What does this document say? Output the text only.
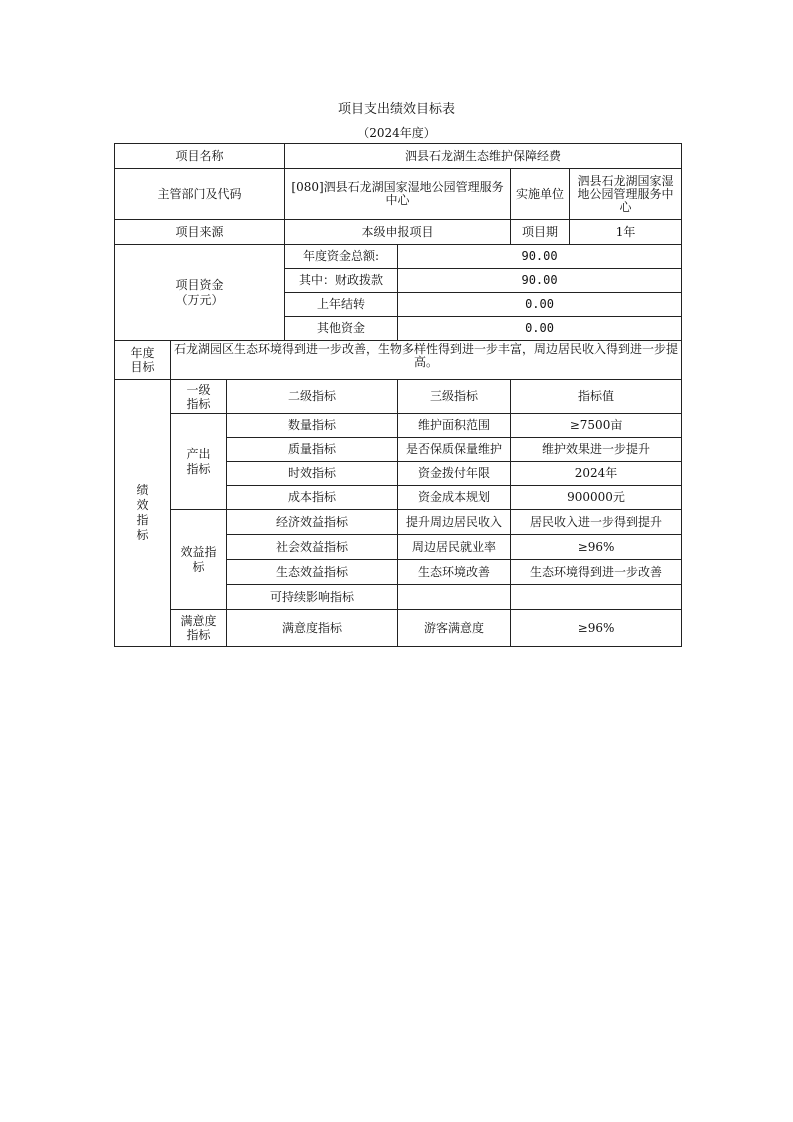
项目支出绩效目标表
（2024年度）
项目名称			泗县石龙湖生态维护保障经费			
主管部门及代码			[080]泗县石龙湖国家湿地公园管理服务中心		实施单位	泗县石龙湖国家湿地公园管理服务中心
项目来源			本级申报项目		项目期	1年
项目资金（万元）			年度资金总额:	90.00		
			其中：财政拨款	90.00		
			上年结转	0.00		
			其他资金	0.00		
年度目标	石龙湖园区生态环境得到进一步改善，生物多样性得到进一步丰富，周边居民收入得到进一步提高。					
绩效指标	一级指标	二级指标		三级指标	指标值	
	产出指标	数量指标		维护面积范围	≥7500亩	
		质量指标		是否保质保量维护	维护效果进一步提升	
		时效指标		资金拨付年限	2024年	
		成本指标		资金成本规划	900000元	
	效益指标	经济效益指标		提升周边居民收入	居民收入进一步得到提升	
		社会效益指标		周边居民就业率	≥96%	
		生态效益指标		生态环境改善	生态环境得到进一步改善	
		可持续影响指标				
	满意度指标	满意度指标		游客满意度	≥96%	
